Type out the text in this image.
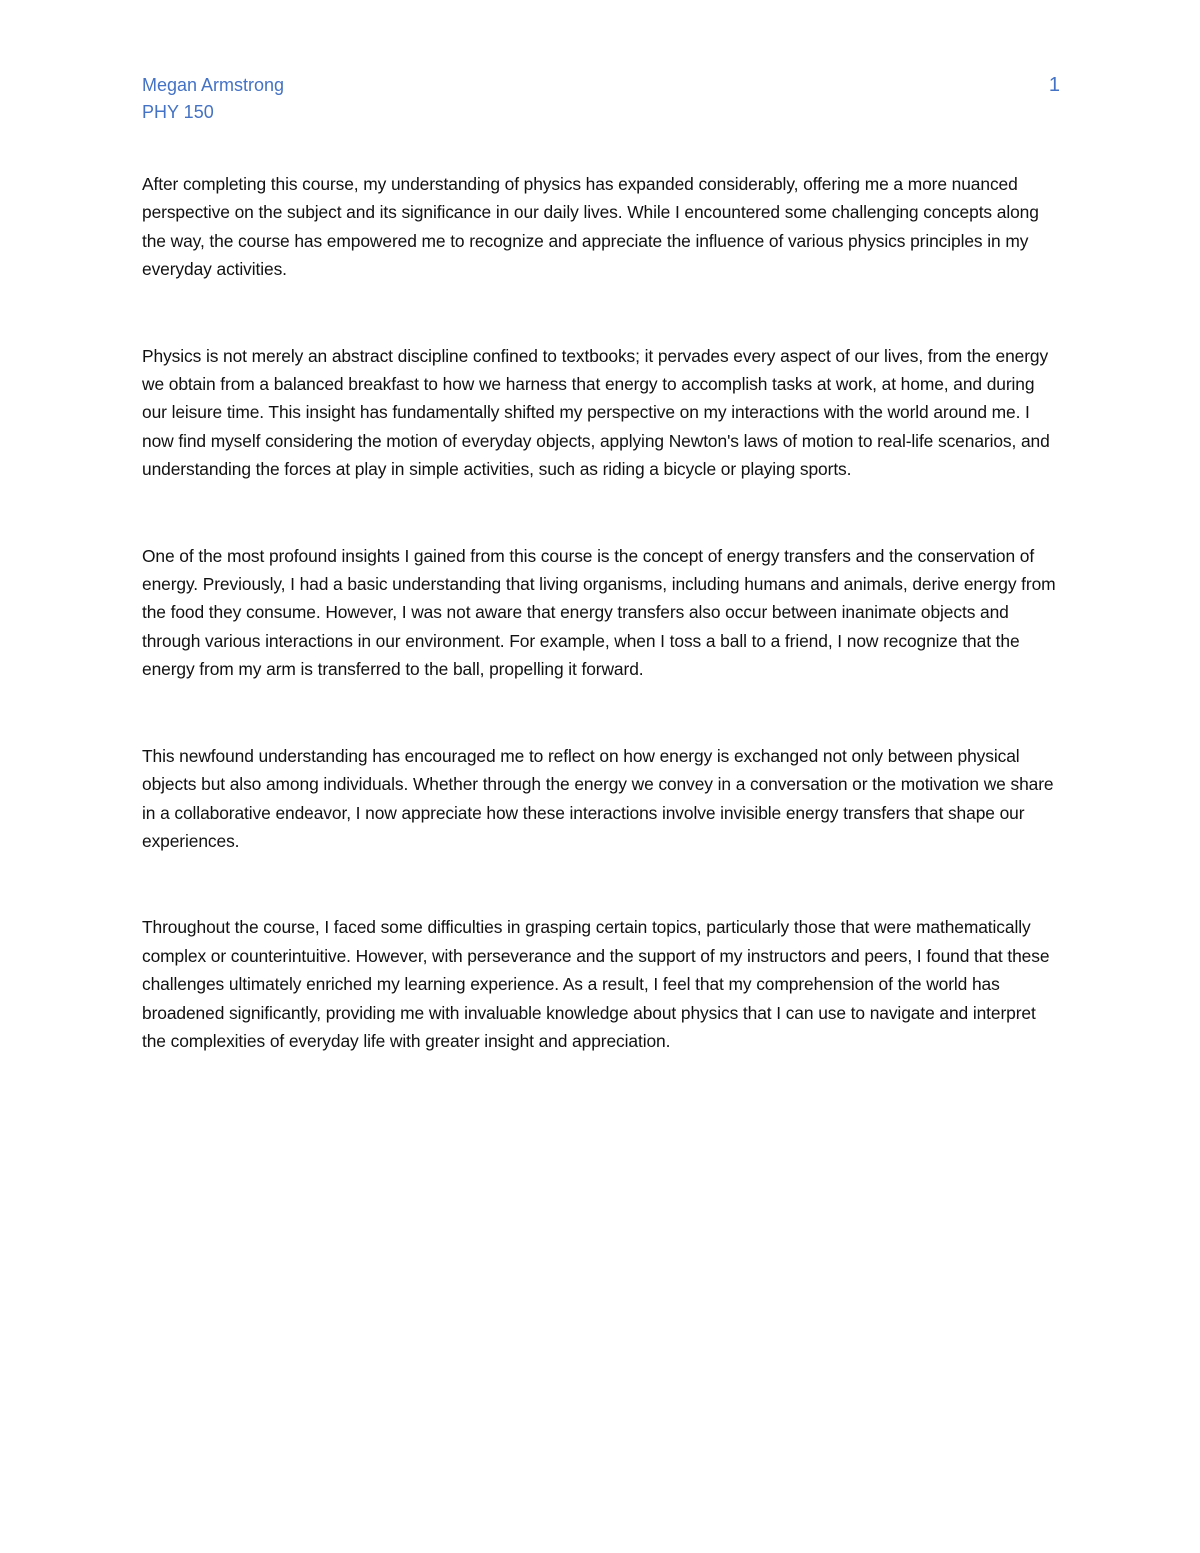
Megan Armstrong
PHY 150
1

After completing this course, my understanding of physics has expanded considerably, offering me a more nuanced perspective on the subject and its significance in our daily lives. While I encountered some challenging concepts along the way, the course has empowered me to recognize and appreciate the influence of various physics principles in my everyday activities.

Physics is not merely an abstract discipline confined to textbooks; it pervades every aspect of our lives, from the energy we obtain from a balanced breakfast to how we harness that energy to accomplish tasks at work, at home, and during our leisure time. This insight has fundamentally shifted my perspective on my interactions with the world around me. I now find myself considering the motion of everyday objects, applying Newton's laws of motion to real-life scenarios, and understanding the forces at play in simple activities, such as riding a bicycle or playing sports.

One of the most profound insights I gained from this course is the concept of energy transfers and the conservation of energy. Previously, I had a basic understanding that living organisms, including humans and animals, derive energy from the food they consume. However, I was not aware that energy transfers also occur between inanimate objects and through various interactions in our environment. For example, when I toss a ball to a friend, I now recognize that the energy from my arm is transferred to the ball, propelling it forward.

This newfound understanding has encouraged me to reflect on how energy is exchanged not only between physical objects but also among individuals. Whether through the energy we convey in a conversation or the motivation we share in a collaborative endeavor, I now appreciate how these interactions involve invisible energy transfers that shape our experiences.

Throughout the course, I faced some difficulties in grasping certain topics, particularly those that were mathematically complex or counterintuitive. However, with perseverance and the support of my instructors and peers, I found that these challenges ultimately enriched my learning experience. As a result, I feel that my comprehension of the world has broadened significantly, providing me with invaluable knowledge about physics that I can use to navigate and interpret the complexities of everyday life with greater insight and appreciation.
